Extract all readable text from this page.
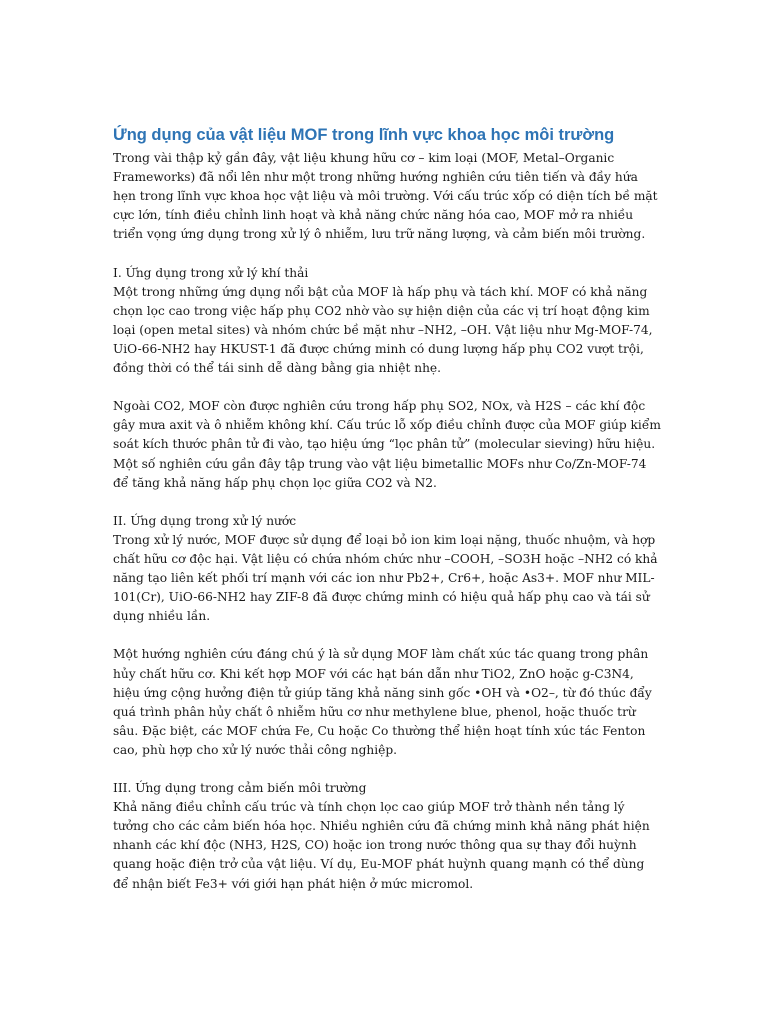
Ứng dụng của vật liệu MOF trong lĩnh vực khoa học môi trường

Trong vài thập kỷ gần đây, vật liệu khung hữu cơ – kim loại (MOF, Metal–Organic Frameworks) đã nổi lên như một trong những hướng nghiên cứu tiên tiến và đầy hứa hẹn trong lĩnh vực khoa học vật liệu và môi trường. Với cấu trúc xốp có diện tích bề mặt cực lớn, tính điều chỉnh linh hoạt và khả năng chức năng hóa cao, MOF mở ra nhiều triển vọng ứng dụng trong xử lý ô nhiễm, lưu trữ năng lượng, và cảm biến môi trường.

I. Ứng dụng trong xử lý khí thải

Một trong những ứng dụng nổi bật của MOF là hấp phụ và tách khí. MOF có khả năng chọn lọc cao trong việc hấp phụ CO2 nhờ vào sự hiện diện của các vị trí hoạt động kim loại (open metal sites) và nhóm chức bề mặt như –NH2, –OH. Vật liệu như Mg-MOF-74, UiO-66-NH2 hay HKUST-1 đã được chứng minh có dung lượng hấp phụ CO2 vượt trội, đồng thời có thể tái sinh dễ dàng bằng gia nhiệt nhẹ.

Ngoài CO2, MOF còn được nghiên cứu trong hấp phụ SO2, NOx, và H2S – các khí độc gây mưa axit và ô nhiễm không khí. Cấu trúc lỗ xốp điều chỉnh được của MOF giúp kiểm soát kích thước phân tử đi vào, tạo hiệu ứng “lọc phân tử” (molecular sieving) hữu hiệu. Một số nghiên cứu gần đây tập trung vào vật liệu bimetallic MOFs như Co/Zn-MOF-74 để tăng khả năng hấp phụ chọn lọc giữa CO2 và N2.

II. Ứng dụng trong xử lý nước

Trong xử lý nước, MOF được sử dụng để loại bỏ ion kim loại nặng, thuốc nhuộm, và hợp chất hữu cơ độc hại. Vật liệu có chứa nhóm chức như –COOH, –SO3H hoặc –NH2 có khả năng tạo liên kết phối trí mạnh với các ion như Pb2+, Cr6+, hoặc As3+. MOF như MIL-101(Cr), UiO-66-NH2 hay ZIF-8 đã được chứng minh có hiệu quả hấp phụ cao và tái sử dụng nhiều lần.

Một hướng nghiên cứu đáng chú ý là sử dụng MOF làm chất xúc tác quang trong phân hủy chất hữu cơ. Khi kết hợp MOF với các hạt bán dẫn như TiO2, ZnO hoặc g-C3N4, hiệu ứng cộng hưởng điện tử giúp tăng khả năng sinh gốc •OH và •O2–, từ đó thúc đẩy quá trình phân hủy chất ô nhiễm hữu cơ như methylene blue, phenol, hoặc thuốc trừ sâu. Đặc biệt, các MOF chứa Fe, Cu hoặc Co thường thể hiện hoạt tính xúc tác Fenton cao, phù hợp cho xử lý nước thải công nghiệp.

III. Ứng dụng trong cảm biến môi trường

Khả năng điều chỉnh cấu trúc và tính chọn lọc cao giúp MOF trở thành nền tảng lý tưởng cho các cảm biến hóa học. Nhiều nghiên cứu đã chứng minh khả năng phát hiện nhanh các khí độc (NH3, H2S, CO) hoặc ion trong nước thông qua sự thay đổi huỳnh quang hoặc điện trở của vật liệu. Ví dụ, Eu-MOF phát huỳnh quang mạnh có thể dùng để nhận biết Fe3+ với giới hạn phát hiện ở mức micromol.
